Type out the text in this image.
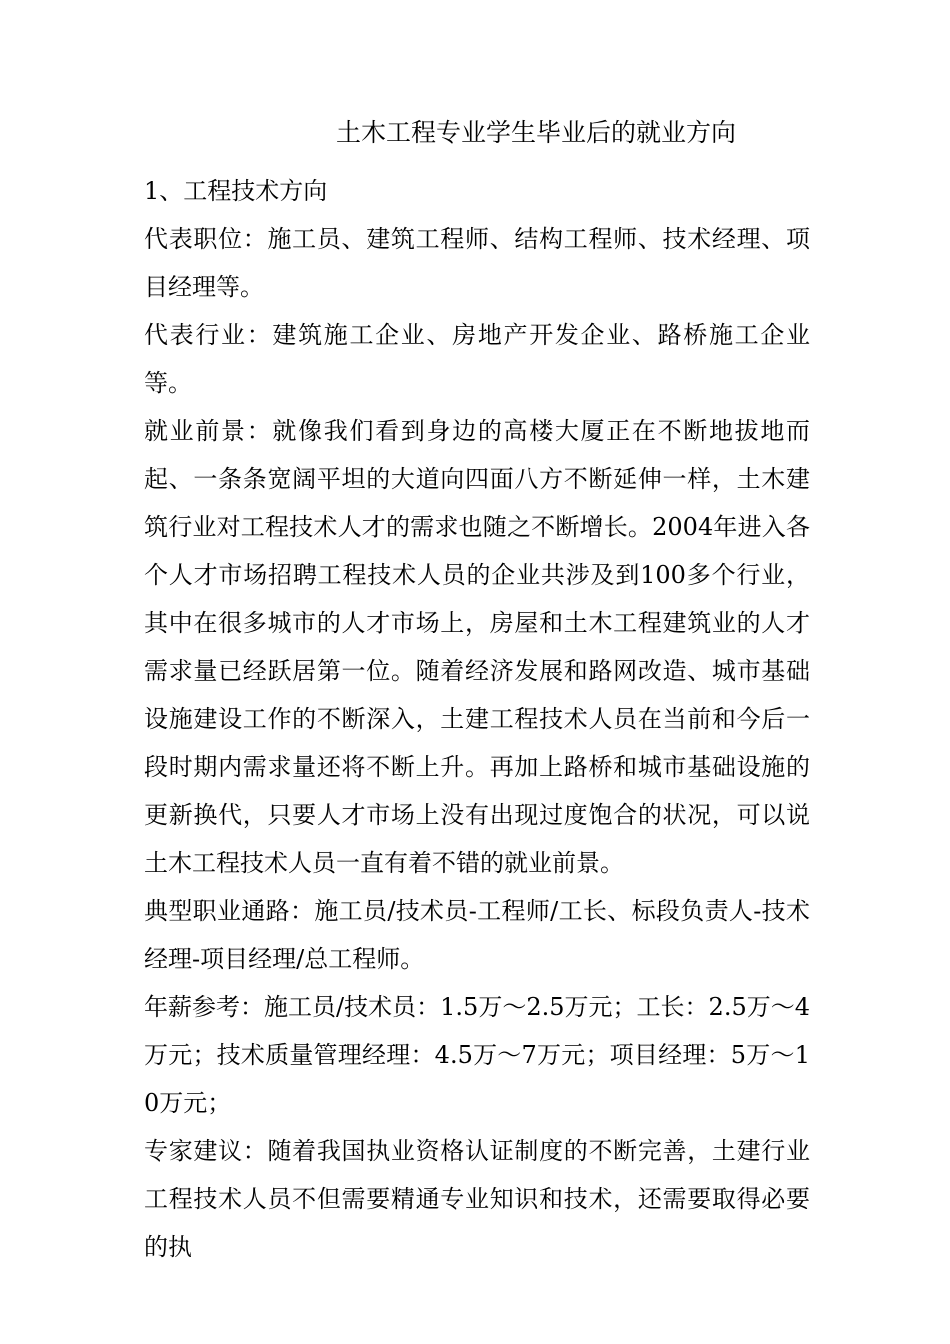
土木工程专业学生毕业后的就业方向

1、工程技术方向

代表职位：施工员、建筑工程师、结构工程师、技术经理、项目经理等。

代表行业：建筑施工企业、房地产开发企业、路桥施工企业等。

就业前景：就像我们看到身边的高楼大厦正在不断地拔地而起、一条条宽阔平坦的大道向四面八方不断延伸一样，土木建筑行业对工程技术人才的需求也随之不断增长。2004年进入各个人才市场招聘工程技术人员的企业共涉及到100多个行业，其中在很多城市的人才市场上，房屋和土木工程建筑业的人才需求量已经跃居第一位。随着经济发展和路网改造、城市基础设施建设工作的不断深入，土建工程技术人员在当前和今后一段时期内需求量还将不断上升。再加上路桥和城市基础设施的更新换代，只要人才市场上没有出现过度饱合的状况，可以说土木工程技术人员一直有着不错的就业前景。

典型职业通路：施工员/技术员-工程师/工长、标段负责人-技术经理-项目经理/总工程师。

年薪参考：施工员/技术员：1.5万～2.5万元；工长：2.5万～4万元；技术质量管理经理：4.5万～7万元；项目经理：5万～10万元；

专家建议：随着我国执业资格认证制度的不断完善，土建行业工程技术人员不但需要精通专业知识和技术，还需要取得必要的执
